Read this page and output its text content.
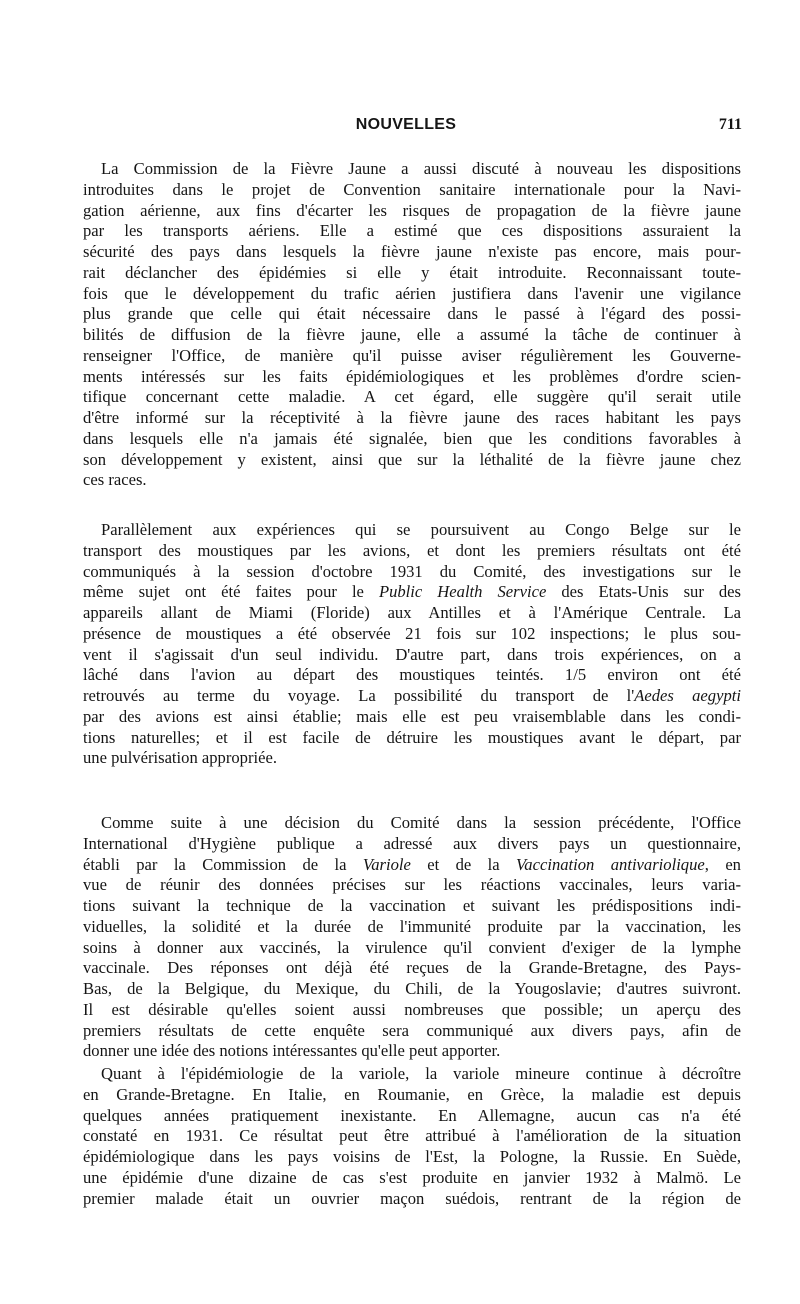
NOUVELLES	711
La Commission de la Fièvre Jaune a aussi discuté à nouveau les dispositions
introduites dans le projet de Convention sanitaire internationale pour la Navi-
gation aérienne, aux fins d'écarter les risques de propagation de la fièvre jaune
par les transports aériens. Elle a estimé que ces dispositions assuraient la
sécurité des pays dans lesquels la fièvre jaune n'existe pas encore, mais pour-
rait déclancher des épidémies si elle y était introduite. Reconnaissant toute-
fois que le développement du trafic aérien justifiera dans l'avenir une vigilance
plus grande que celle qui était nécessaire dans le passé à l'égard des possi-
bilités de diffusion de la fièvre jaune, elle a assumé la tâche de continuer à
renseigner l'Office, de manière qu'il puisse aviser régulièrement les Gouverne-
ments intéressés sur les faits épidémiologiques et les problèmes d'ordre scien-
tifique concernant cette maladie. A cet égard, elle suggère qu'il serait utile
d'être informé sur la réceptivité à la fièvre jaune des races habitant les pays
dans lesquels elle n'a jamais été signalée, bien que les conditions favorables à
son développement y existent, ainsi que sur la léthalité de la fièvre jaune chez
ces races.
Parallèlement aux expériences qui se poursuivent au Congo Belge sur le
transport des moustiques par les avions, et dont les premiers résultats ont été
communiqués à la session d'octobre 1931 du Comité, des investigations sur le
même sujet ont été faites pour le Public Health Service des Etats-Unis sur des
appareils allant de Miami (Floride) aux Antilles et à l'Amérique Centrale. La
présence de moustiques a été observée 21 fois sur 102 inspections; le plus sou-
vent il s'agissait d'un seul individu. D'autre part, dans trois expériences, on a
lâché dans l'avion au départ des moustiques teintés. 1/5 environ ont été
retrouvés au terme du voyage. La possibilité du transport de l'Aedes aegypti
par des avions est ainsi établie; mais elle est peu vraisemblable dans les condi-
tions naturelles; et il est facile de détruire les moustiques avant le départ, par
une pulvérisation appropriée.
Comme suite à une décision du Comité dans la session précédente, l'Office
International d'Hygiène publique a adressé aux divers pays un questionnaire,
établi par la Commission de la Variole et de la Vaccination antivariolique, en
vue de réunir des données précises sur les réactions vaccinales, leurs varia-
tions suivant la technique de la vaccination et suivant les prédispositions indi-
viduelles, la solidité et la durée de l'immunité produite par la vaccination, les
soins à donner aux vaccinés, la virulence qu'il convient d'exiger de la lymphe
vaccinale. Des réponses ont déjà été reçues de la Grande-Bretagne, des Pays-
Bas, de la Belgique, du Mexique, du Chili, de la Yougoslavie; d'autres suivront.
Il est désirable qu'elles soient aussi nombreuses que possible; un aperçu des
premiers résultats de cette enquête sera communiqué aux divers pays, afin de
donner une idée des notions intéressantes qu'elle peut apporter.
Quant à l'épidémiologie de la variole, la variole mineure continue à décroître
en Grande-Bretagne. En Italie, en Roumanie, en Grèce, la maladie est depuis
quelques années pratiquement inexistante. En Allemagne, aucun cas n'a été
constaté en 1931. Ce résultat peut être attribué à l'amélioration de la situation
épidémiologique dans les pays voisins de l'Est, la Pologne, la Russie. En Suède,
une épidémie d'une dizaine de cas s'est produite en janvier 1932 à Malmö. Le
premier malade était un ouvrier maçon suédois, rentrant de la région de
